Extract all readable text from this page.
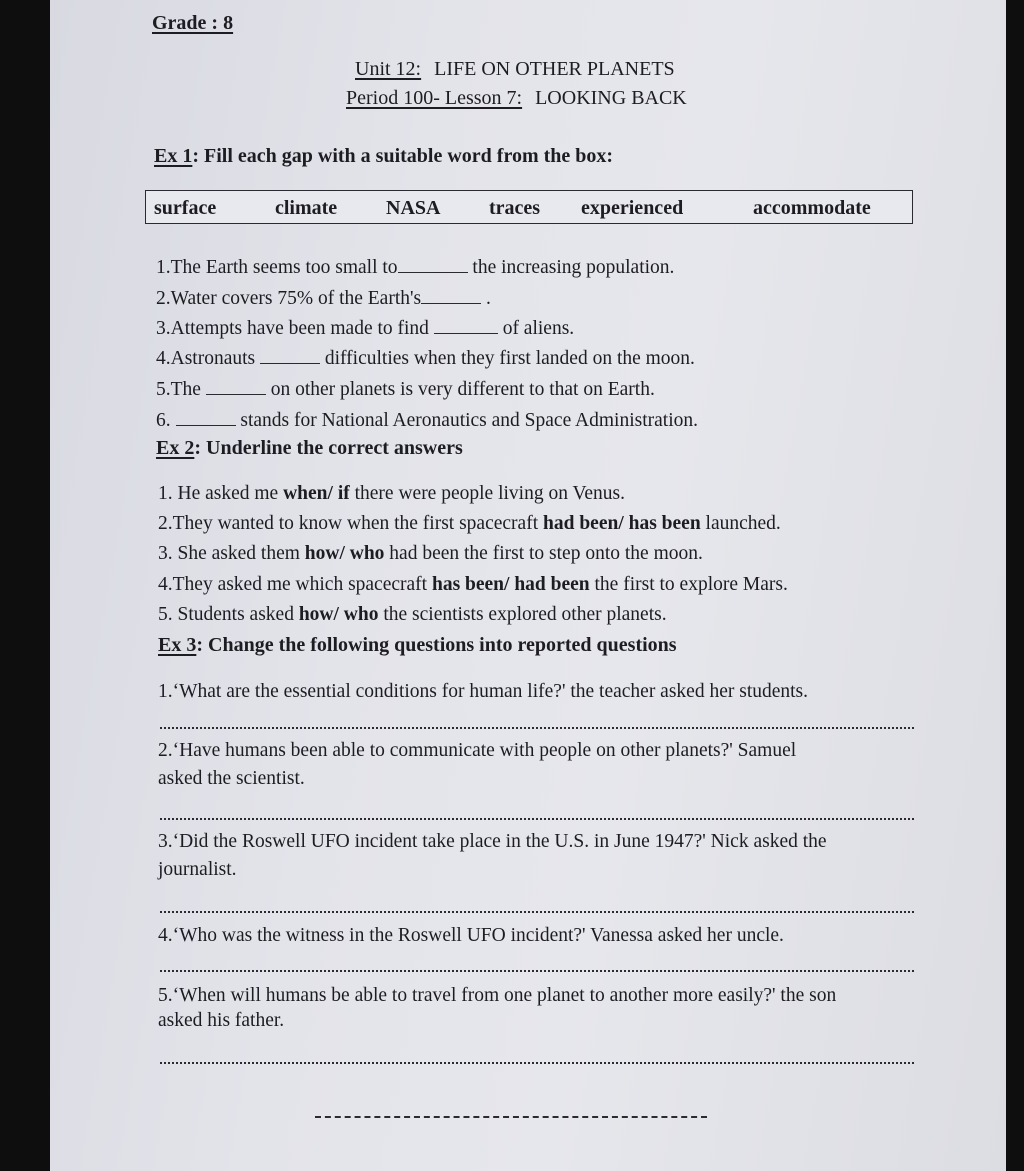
Grade : 8
Unit 12: LIFE ON OTHER PLANETS
Period 100- Lesson 7: LOOKING BACK
Ex 1: Fill each gap with a suitable word from the box:
surface	climate NASA traces experienced	accommodate
1.The Earth seems too small to	the increasing population.
2.Water covers 75% of the Earth's	.
3.Attempts have been made to find	of aliens.
4.Astronauts	difficulties when they first landed on the moon.
5.The	on other planets is very different to that on Earth.
6.	stands for National Aeronautics and Space Administration.
Ex 2: Underline the correct answers
1. He asked me when/ if there were people living on Venus.
2.They wanted to know when the first spacecraft had been/ has been launched.
3. She asked them how/ who had been the first to step onto the moon.
4.They asked me which spacecraft has been/ had been the first to explore Mars.
5. Students asked how/ who the scientists explored other planets.
Ex 3: Change the following questions into reported questions
1.‘What are the essential conditions for human life?' the teacher asked her students.
2.‘Have humans been able to communicate with people on other planets?' Samuel
asked the scientist.
3.‘Did the Roswell UFO incident take place in the U.S. in June 1947?' Nick asked the
journalist.
4.‘Who was the witness in the Roswell UFO incident?' Vanessa asked her uncle.
5.‘When will humans be able to travel from one planet to another more easily?' the son
asked his father.
